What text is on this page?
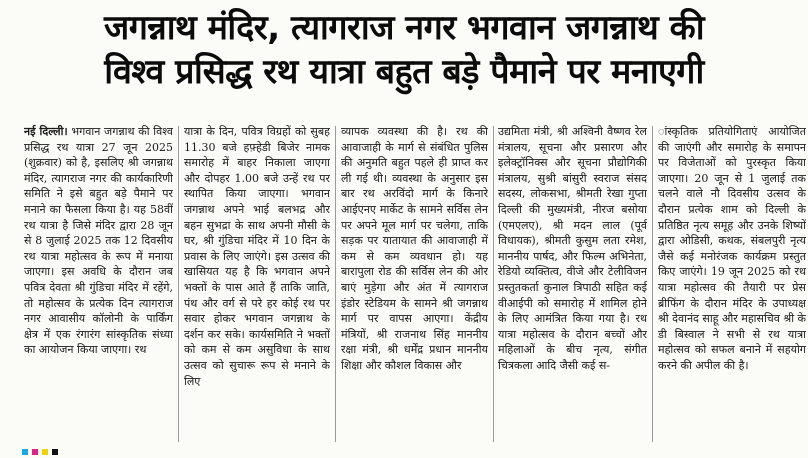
जगन्नाथ मंदिर, त्यागराज नगर भगवान जगन्नाथ की
विश्व प्रसिद्ध रथ यात्रा बहुत बड़े पैमाने पर मनाएगी
नई दिल्ली। भगवान जगन्नाथ की विश्व प्रसिद्ध रथ यात्रा 27 जून 2025 (शुक्रवार) को है, इसलिए श्री जगन्नाथ मंदिर, त्यागराज नगर की कार्यकारिणी समिति ने इसे बहुत बड़े पैमाने पर मनाने का फैसला किया है। यह 58वीं रथ यात्रा है जिसे मंदिर द्वारा 28 जून से 8 जुलाई 2025 तक 12 दिवसीय रथ यात्रा महोत्सव के रूप में मनाया जाएगा। इस अवधि के दौरान जब पवित्र देवता श्री गुंडिचा मंदिर में रहेंगे, तो महोत्सव के प्रत्येक दिन त्यागराज नगर आवासीय कॉलोनी के पार्किंग क्षेत्र में एक रंगारंग सांस्कृतिक संध्या का आयोजन किया जाएगा। रथ
यात्रा के दिन, पवित्र विग्रहों को सुबह 11.30 बजे हफ़्हेडी बिजेर नामक समारोह में बाहर निकाला जाएगा और दोपहर 1.00 बजे उन्हें रथ पर स्थापित किया जाएगा। भगवान जगन्नाथ अपने भाई बलभद्र और बहन सुभद्रा के साथ अपनी मौसी के घर, श्री गुंडिचा मंदिर में 10 दिन के प्रवास के लिए जाएंगे। इस उत्सव की खासियत यह है कि भगवान अपने भक्तों के पास आते हैं ताकि जाति, पंथ और वर्ग से परे हर कोई रथ पर सवार होकर भगवान जगन्नाथ के दर्शन कर सके। कार्यसमिति ने भक्तों को कम से कम असुविधा के साथ उत्सव को सुचारू रूप से मनाने के लिए
व्यापक व्यवस्था की है। रथ की आवाजाही के मार्ग से संबंधित पुलिस की अनुमति बहुत पहले ही प्राप्त कर ली गई थी। व्यवस्था के अनुसार इस बार रथ अरविंदो मार्ग के किनारे आईएनए मार्केट के सामने सर्विस लेन पर अपने मूल मार्ग पर चलेगा, ताकि सड़क पर यातायात की आवाजाही में कम से कम व्यवधान हो। यह बारापुला रोड की सर्विस लेन की ओर बाएं मुड़ेगा और अंत में त्यागराज इंडोर स्टेडियम के सामने श्री जगन्नाथ मार्ग पर वापस आएगा। केंद्रीय मंत्रियों, श्री राजनाथ सिंह माननीय रक्षा मंत्री, श्री धर्मेंद्र प्रधान माननीय शिक्षा और कौशल विकास और
उद्यमिता मंत्री, श्री अश्विनी वैष्णव रेल मंत्रालय, सूचना और प्रसारण और इलेक्ट्रॉनिक्स और सूचना प्रौद्योगिकी मंत्रालय, सुश्री बांसुरी स्वराज संसद सदस्य, लोकसभा, श्रीमती रेखा गुप्ता दिल्ली की मुख्यमंत्री, नीरज बसोया (एमएलए), श्री मदन लाल (पूर्व विधायक), श्रीमती कुसुम लता रमेश, माननीय पार्षद, और फिल्म अभिनेता, रेडियो व्यक्तित्व, वीजे और टेलीविजन प्रस्तुतकर्ता कुनाल त्रिपाठी सहित कई वीआईपी को समारोह में शामिल होने के लिए आमंत्रित किया गया है। रथ यात्रा महोत्सव के दौरान बच्चों और महिलाओं के बीच नृत्य, संगीत चित्रकला आदि जैसी कई स-
ांस्कृतिक प्रतियोगिताएं आयोजित की जाएंगी और समारोह के समापन पर विजेताओं को पुरस्कृत किया जाएगा। 20 जून से 1 जुलाई तक चलने वाले नौ दिवसीय उत्सव के दौरान प्रत्येक शाम को दिल्ली के प्रतिष्ठित नृत्य समूह और उनके शिष्यों द्वारा ओडिसी, कथक, संबलपुरी नृत्य जैसे कई मनोरंजक कार्यक्रम प्रस्तुत किए जाएंगे। 19 जून 2025 को रथ यात्रा महोत्सव की तैयारी पर प्रेस ब्रीफिंग के दौरान मंदिर के उपाध्यक्ष श्री देवानंद साहू और महासचिव श्री के डी बिस्वाल ने सभी से रथ यात्रा महोत्सव को सफल बनाने में सहयोग करने की अपील की है।
